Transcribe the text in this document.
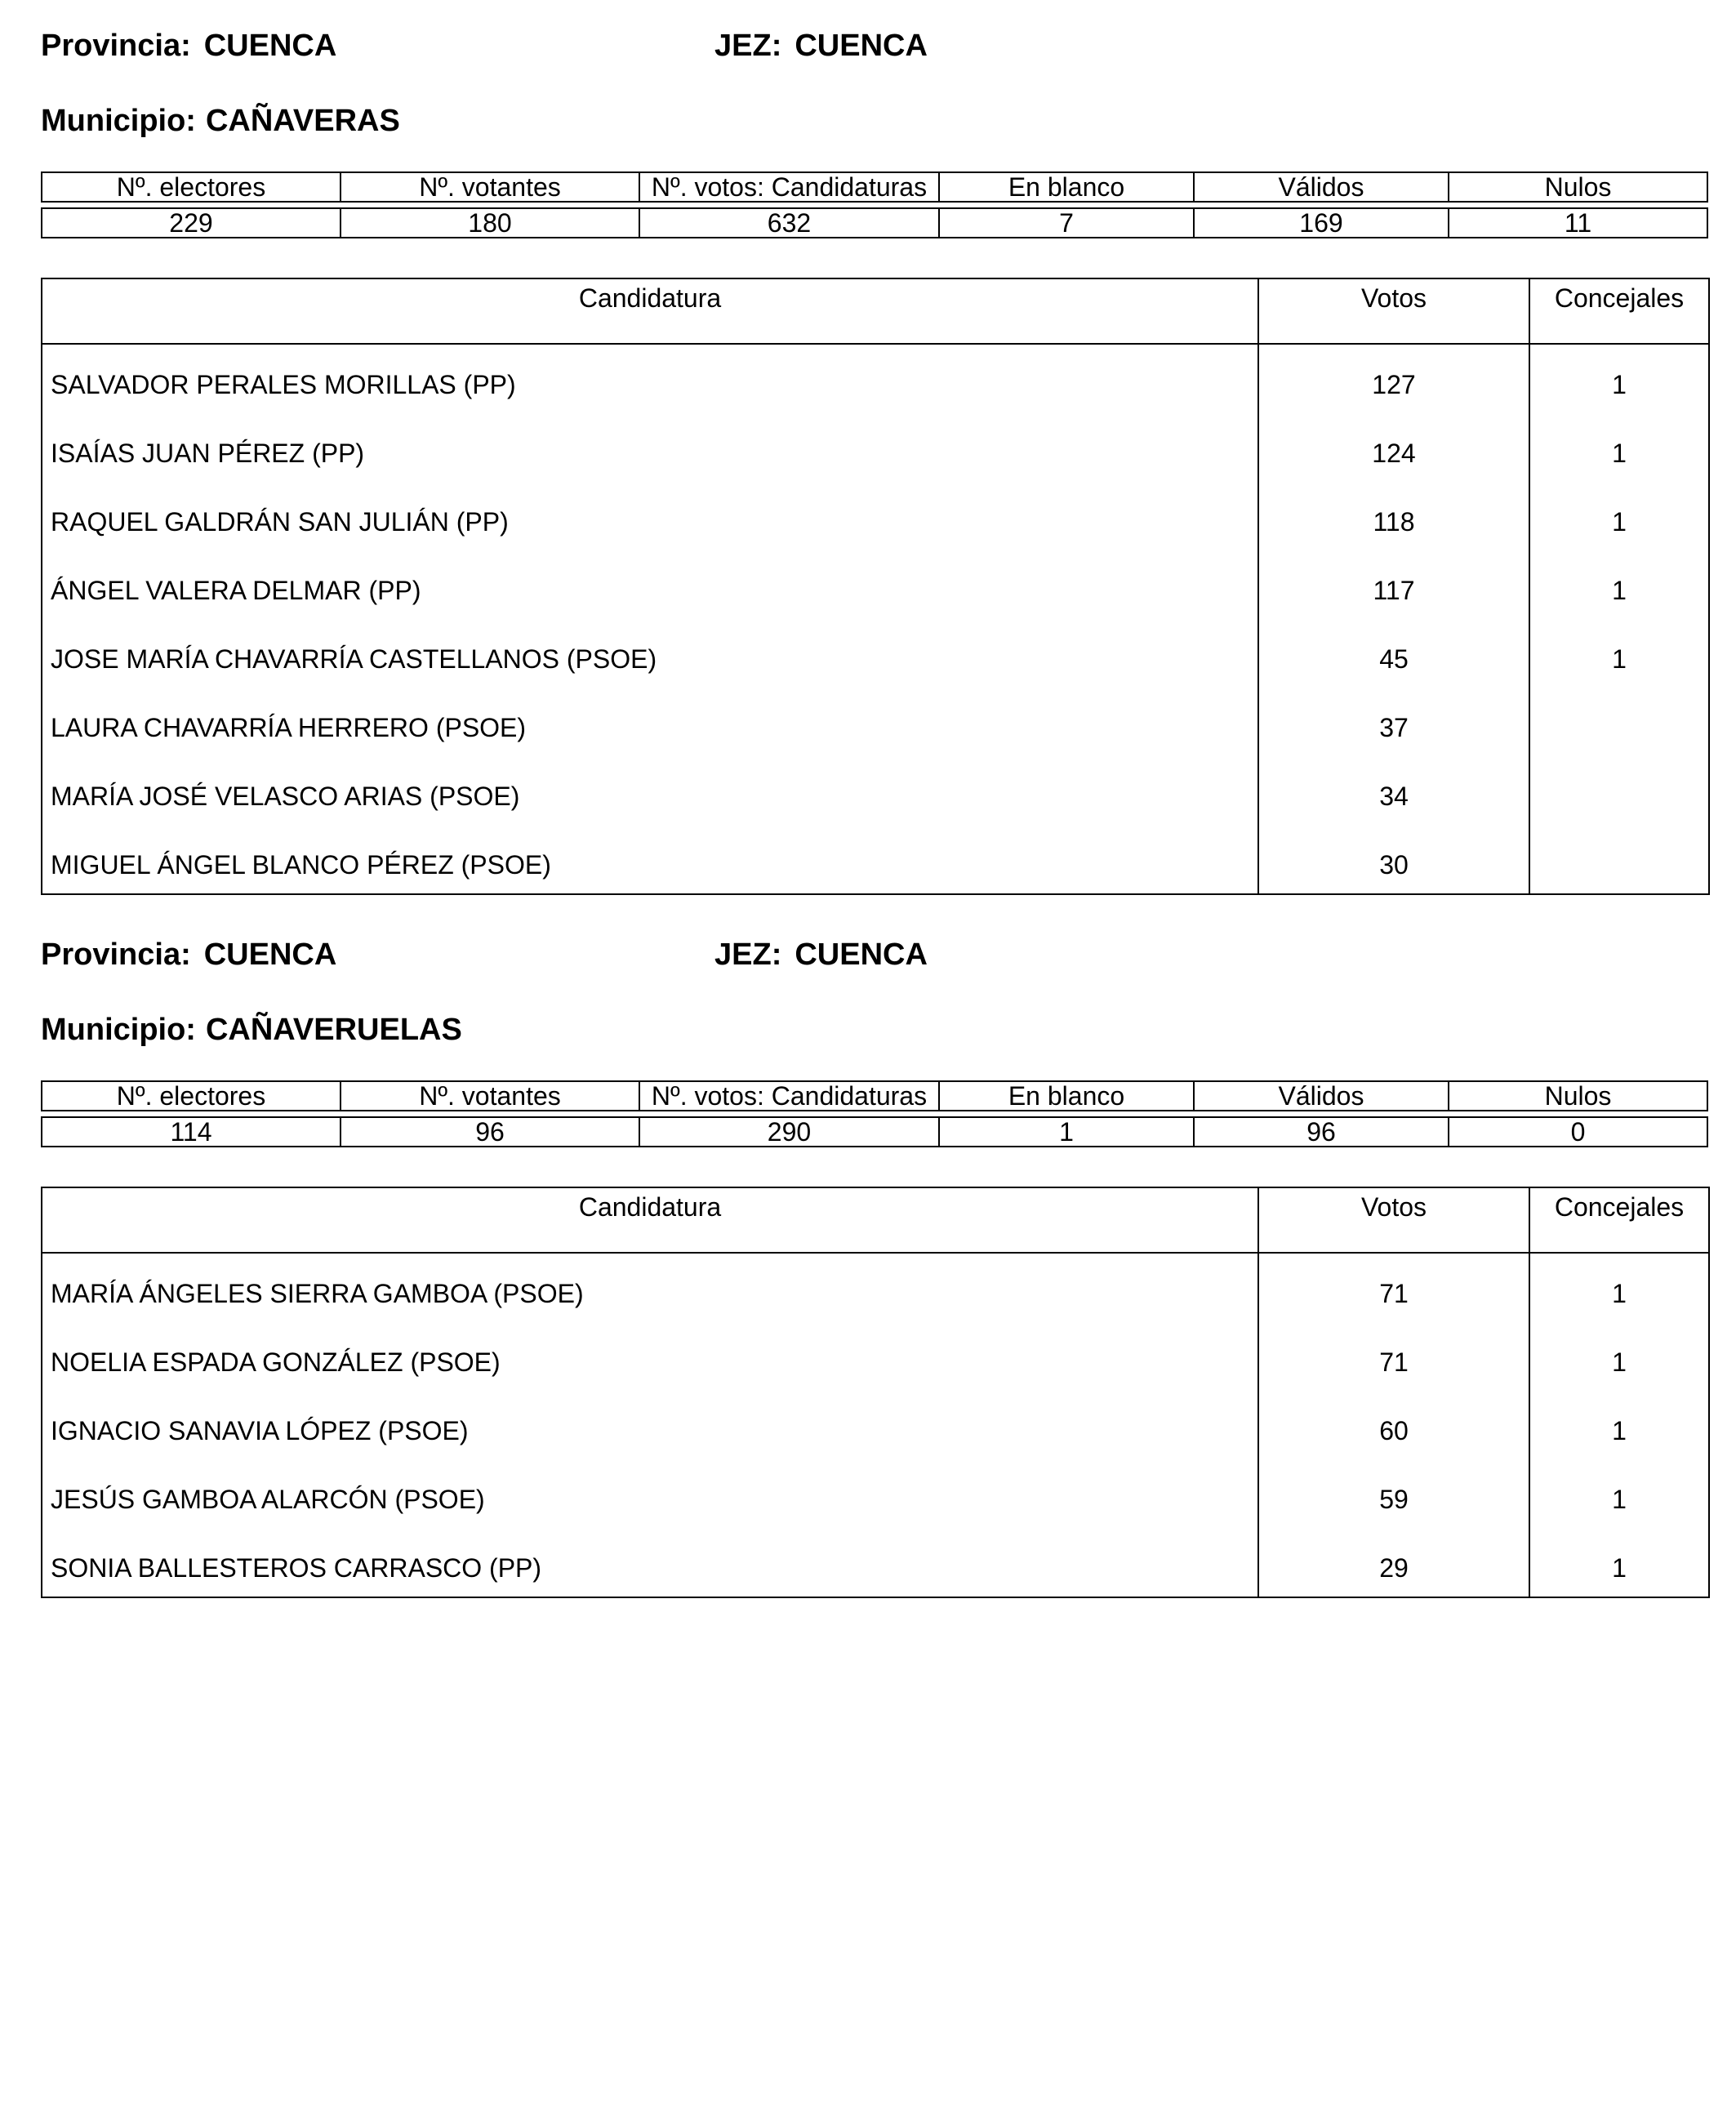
Provincia: CUENCA	JEZ: CUENCA
Municipio: CAÑAVERAS
Nº. electores	Nº. votantes	Nº. votos: Candidaturas	En blanco	Válidos	Nulos

229	180	632	7	169	11
Candidatura	Votos	Concejales
SALVADOR PERALES MORILLAS (PP)	127	1
ISAÍAS JUAN PÉREZ (PP)	124	1
RAQUEL GALDRÁN SAN JULIÁN (PP)	118	1
ÁNGEL VALERA DELMAR (PP)	117	1
JOSE MARÍA CHAVARRÍA CASTELLANOS (PSOE)	45	1
LAURA CHAVARRÍA HERRERO (PSOE)	37
MARÍA JOSÉ VELASCO ARIAS (PSOE)	34
MIGUEL ÁNGEL BLANCO PÉREZ (PSOE)	30
Provincia: CUENCA	JEZ: CUENCA
Municipio: CAÑAVERUELAS
Nº. electores	Nº. votantes	Nº. votos: Candidaturas	En blanco	Válidos	Nulos

114	96	290	1	96	0
Candidatura	Votos	Concejales
MARÍA ÁNGELES SIERRA GAMBOA (PSOE)	71	1
NOELIA ESPADA GONZÁLEZ (PSOE)	71	1
IGNACIO SANAVIA LÓPEZ (PSOE)	60	1
JESÚS GAMBOA ALARCÓN (PSOE)	59	1
SONIA BALLESTEROS CARRASCO (PP)	29	1
